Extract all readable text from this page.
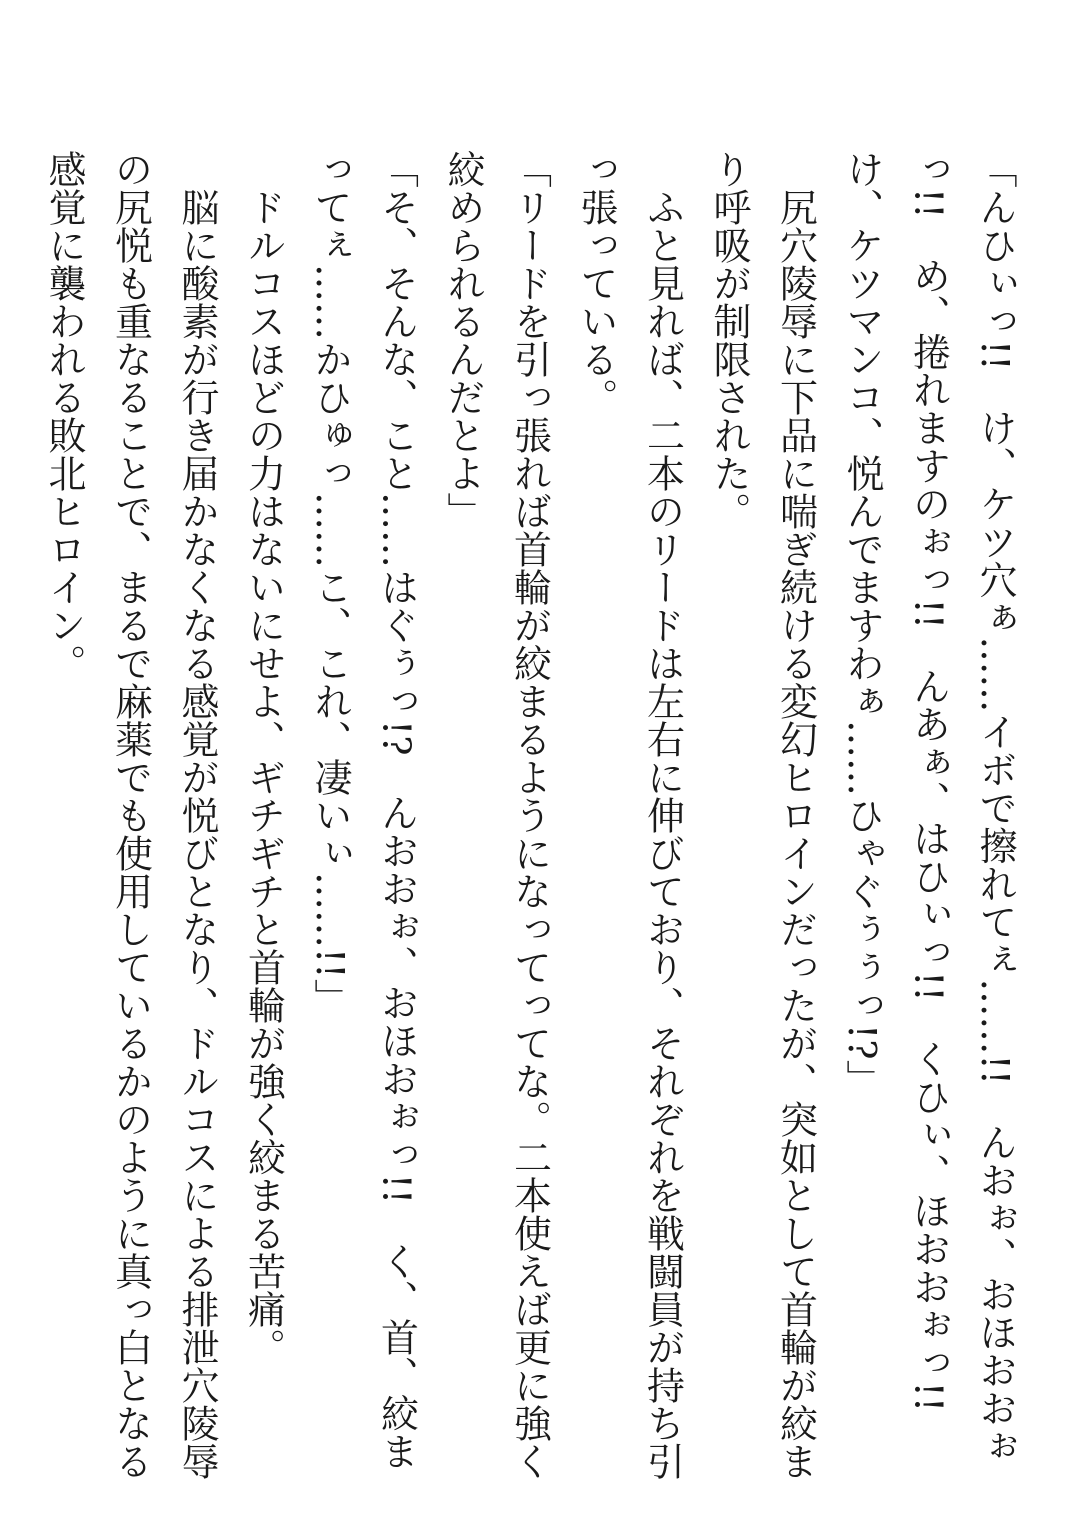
「んひぃっ!!　け、ケツ穴ぁ……イボで擦れてぇ……!!　んおぉ、おほおおぉっ!!　め、捲れますのぉっ!!　んあぁ、はひぃっ!!　くひぃ、ほおおぉっ!!　け、ケツマンコ、悦んでますわぁ……ひゃぐぅぅっ!?」

　尻穴陵辱に下品に喘ぎ続ける変幻ヒロインだったが、突如として首輪が絞まり呼吸が制限された。

　ふと見れば、二本のリードは左右に伸びており、それぞれを戦闘員が持ち引っ張っている。

「リードを引っ張れば首輪が絞まるようになってってな。二本使えば更に強く絞められるんだとよ」

「そ、そんな、こと……はぐぅっ!?　んおおぉ、おほおぉっ!!　く、首、絞まってぇ……かひゅっ……こ、これ、凄いぃ……!!」

　ドルコスほどの力はないにせよ、ギチギチと首輪が強く絞まる苦痛。

　脳に酸素が行き届かなくなる感覚が悦びとなり、ドルコスによる排泄穴陵辱の尻悦も重なることで、まるで麻薬でも使用しているかのように真っ白となる感覚に襲われる敗北ヒロイン。
